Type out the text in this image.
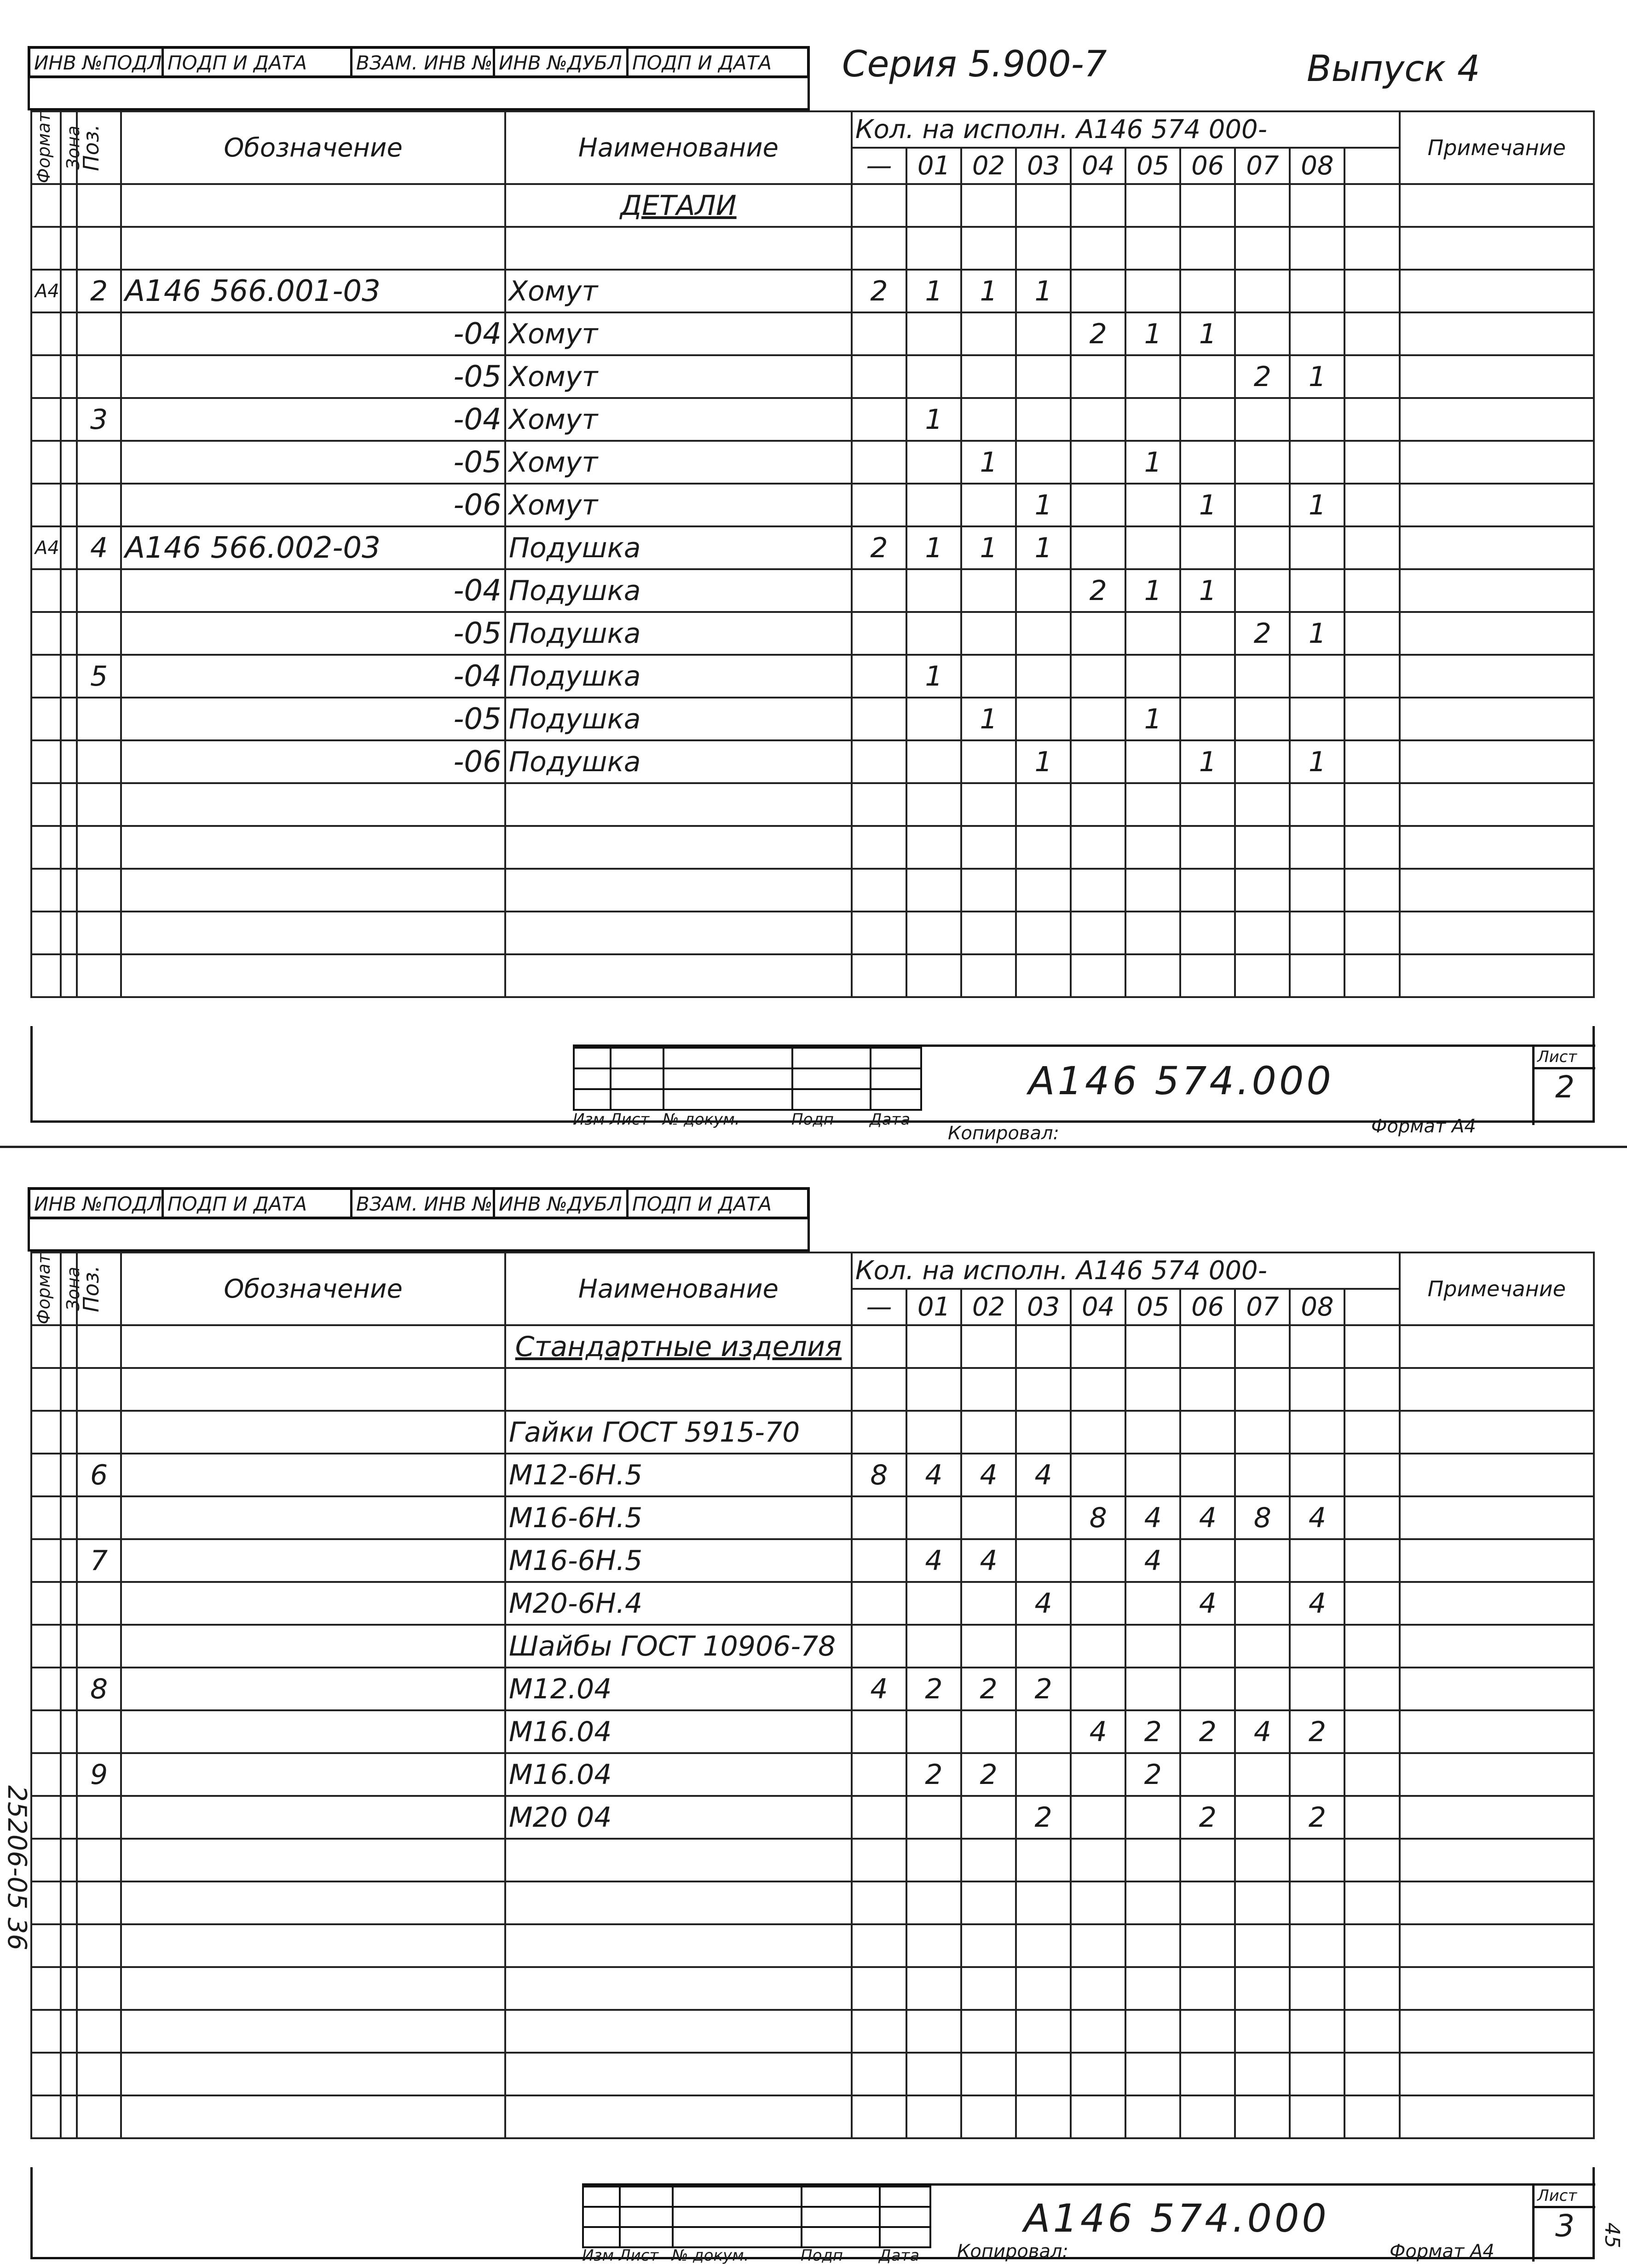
ИНВ №ПОДЛ ПОДП И ДАТА	ВЗАМ. ИНВ № ИНВ №ДУБЛ ПОДП И ДАТА	Серия 5.900-7	Выпуск 4
Формат	Зона	Поз.	Обозначение	Наименование	Кол. на исполн. А146 574 000-										Примечание
					—	01	02	03	04	05	06	07	08		
				ДЕТАЛИ											

А4		2	А146 566.001-03	Хомут	2	1	1	1							
			-04	Хомут					2	1	1				
			-05	Хомут								2	1		
		3	-04	Хомут		1									
			-05	Хомут			1			1					
			-06	Хомут				1			1		1		
А4		4	А146 566.002-03	Подушка	2	1	1	1							
			-04	Подушка					2	1	1				
			-05	Подушка								2	1		
		5	-04	Подушка		1									
			-05	Подушка			1			1					
			-06	Подушка				1			1		1		

Изм Лист № докум.	Подп	Дата
А146 574.000
Лист
2
Копировал:	Формат А4
ИНВ №ПОДЛ ПОДП И ДАТА	ВЗАМ. ИНВ № ИНВ №ДУБЛ ПОДП И ДАТА
Формат	Зона	Поз.	Обозначение	Наименование	Кол. на исполн. А146 574 000-										Примечание
					—	01	02	03	04	05	06	07	08		
				Стандартные изделия											

				Гайки ГОСТ 5915-70											
		6		М12-6Н.5	8	4	4	4							
				М16-6Н.5					8	4	4	8	4		
		7		М16-6Н.5		4	4			4					
				М20-6Н.4				4			4		4		
				Шайбы ГОСТ 10906-78											
		8		М12.04	4	2	2	2							
				М16.04					4	2	2	4	2		
		9		М16.04		2	2			2					
				М20 04				2			2		2		

Изм Лист № докум.	Подп	Дата
А146 574.000	Лист
3
Копировал:	Формат А4
25206-05 36
45
